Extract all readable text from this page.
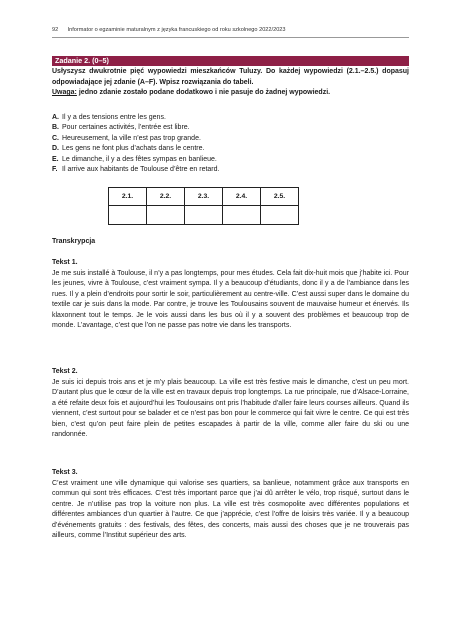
92 Informator o egzaminie maturalnym z języka francuskiego od roku szkolnego 2022/2023
Zadanie 2. (0–5)
Usłyszysz dwukrotnie pięć wypowiedzi mieszkańców Tuluzy. Do każdej wypowiedzi (2.1.–2.5.) dopasuj odpowiadające jej zdanie (A–F). Wpisz rozwiązania do tabeli.
Uwaga: jedno zdanie zostało podane dodatkowo i nie pasuje do żadnej wypowiedzi.
A. Il y a des tensions entre les gens.
B. Pour certaines activités, l’entrée est libre.
C. Heureusement, la ville n’est pas trop grande.
D. Les gens ne font plus d’achats dans le centre.
E. Le dimanche, il y a des fêtes sympas en banlieue.
F. Il arrive aux habitants de Toulouse d’être en retard.
2.1.	2.2.	2.3.	2.4.	2.5.

Transkrypcja
Tekst 1.
Je me suis installé à Toulouse, il n’y a pas longtemps, pour mes études. Cela fait dix-huit mois que j’habite ici. Pour les jeunes, vivre à Toulouse, c’est vraiment sympa. Il y a beaucoup d’étudiants, donc il y a de l’ambiance dans les rues. Il y a plein d’endroits pour sortir le soir, particulièrement au centre-ville. C’est aussi super dans le domaine du textile car je suis dans la mode. Par contre, je trouve les Toulousains souvent de mauvaise humeur et énervés. Ils klaxonnent tout le temps. Je le vois aussi dans les bus où il y a souvent des problèmes et beaucoup trop de monde. L’avantage, c’est que l’on ne passe pas notre vie dans les transports.
Tekst 2.
Je suis ici depuis trois ans et je m’y plais beaucoup. La ville est très festive mais le dimanche, c’est un peu mort. D’autant plus que le cœur de la ville est en travaux depuis trop longtemps. La rue principale, rue d’Alsace-Lorraine, a été refaite deux fois et aujourd’hui les Toulousains ont pris l’habitude d’aller faire leurs courses ailleurs. Quand ils viennent, c’est surtout pour se balader et ce n’est pas bon pour le commerce qui fait vivre le centre. Ce qui est très bien, c’est qu’on peut faire plein de petites escapades à partir de la ville, comme aller faire du ski ou une randonnée.
Tekst 3.
C’est vraiment une ville dynamique qui valorise ses quartiers, sa banlieue, notamment grâce aux transports en commun qui sont très efficaces. C’est très important parce que j’ai dû arrêter le vélo, trop risqué, surtout dans le centre. Je n’utilise pas trop la voiture non plus. La ville est très cosmopolite avec différentes populations et différentes ambiances d’un quartier à l’autre. Ce que j’apprécie, c’est l’offre de loisirs très variée. Il y a beaucoup d’événements gratuits : des festivals, des fêtes, des concerts, mais aussi des choses que je ne trouverais pas ailleurs, comme l’Institut supérieur des arts.
